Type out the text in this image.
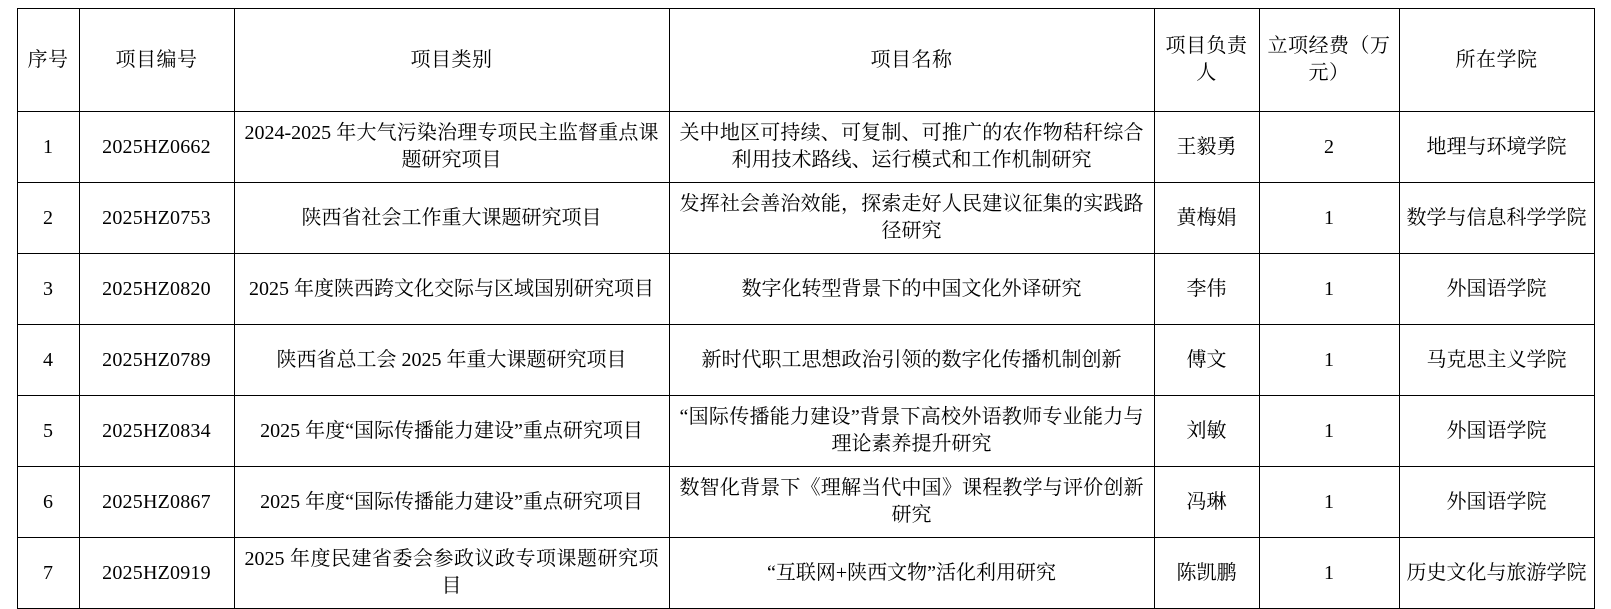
序号	项目编号	项目类别	项目名称	项目负责人	立项经费（万元）	所在学院
1	2025HZ0662	2024-2025 年大气污染治理专项民主监督重点课题研究项目	关中地区可持续、可复制、可推广的农作物秸秆综合利用技术路线、运行模式和工作机制研究	王毅勇	2	地理与环境学院
2	2025HZ0753	陕西省社会工作重大课题研究项目	发挥社会善治效能，探索走好人民建议征集的实践路径研究	黄梅娟	1	数学与信息科学学院
3	2025HZ0820	2025 年度陕西跨文化交际与区域国别研究项目	数字化转型背景下的中国文化外译研究	李伟	1	外国语学院
4	2025HZ0789	陕西省总工会 2025 年重大课题研究项目	新时代职工思想政治引领的数字化传播机制创新	傅文	1	马克思主义学院
5	2025HZ0834	2025 年度“国际传播能力建设”重点研究项目	“国际传播能力建设”背景下高校外语教师专业能力与理论素养提升研究	刘敏	1	外国语学院
6	2025HZ0867	2025 年度“国际传播能力建设”重点研究项目	数智化背景下《理解当代中国》课程教学与评价创新研究	冯琳	1	外国语学院
7	2025HZ0919	2025 年度民建省委会参政议政专项课题研究项目	“互联网+陕西文物”活化利用研究	陈凯鹏	1	历史文化与旅游学院
